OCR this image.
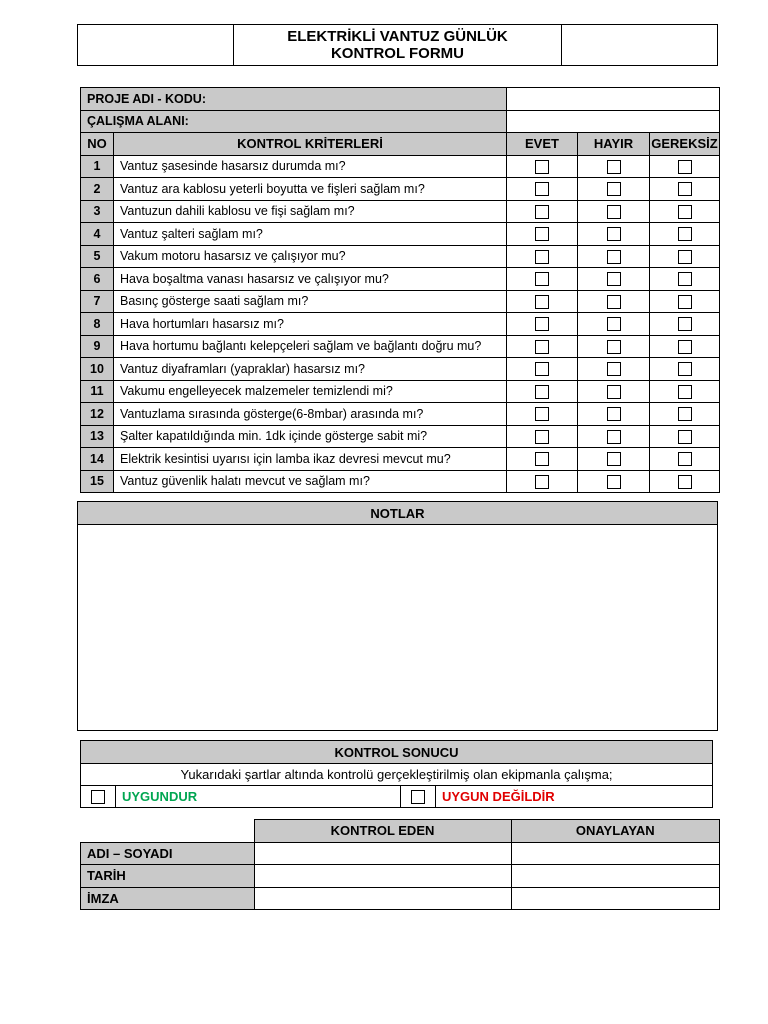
	ELEKTRİKLİ VANTUZ GÜNLÜK KONTROL FORMU	
PROJE ADI - KODU:				
ÇALIŞMA ALANI:				
NO	KONTROL KRİTERLERİ	EVET	HAYIR	GEREKSİZ
1	Vantuz şasesinde hasarsız durumda mı?			
2	Vantuz ara kablosu yeterli boyutta ve fişleri sağlam mı?			
3	Vantuzun dahili kablosu ve fişi sağlam mı?			
4	Vantuz şalteri sağlam mı?			
5	Vakum motoru hasarsız ve çalışıyor mu?			
6	Hava boşaltma vanası hasarsız ve çalışıyor mu?			
7	Basınç gösterge saati sağlam mı?			
8	Hava hortumları hasarsız mı?			
9	Hava hortumu bağlantı kelepçeleri sağlam ve bağlantı doğru mu?			
10	Vantuz diyaframları (yapraklar) hasarsız mı?			
11	Vakumu engelleyecek malzemeler temizlendi mi?			
12	Vantuzlama sırasında gösterge(6-8mbar) arasında mı?			
13	Şalter kapatıldığında min. 1dk içinde gösterge sabit mi?			
14	Elektrik kesintisi uyarısı için lamba ikaz devresi mevcut mu?			
15	Vantuz güvenlik halatı mevcut ve sağlam mı?			
NOTLAR

KONTROL SONUCU
Yukarıdaki şartlar altında kontrolü gerçekleştirilmiş olan ekipmanla çalışma;
	UYGUNDUR		UYGUN DEĞİLDİR
	KONTROL EDEN	ONAYLAYAN
ADI – SOYADI		
TARİH		
İMZA		
